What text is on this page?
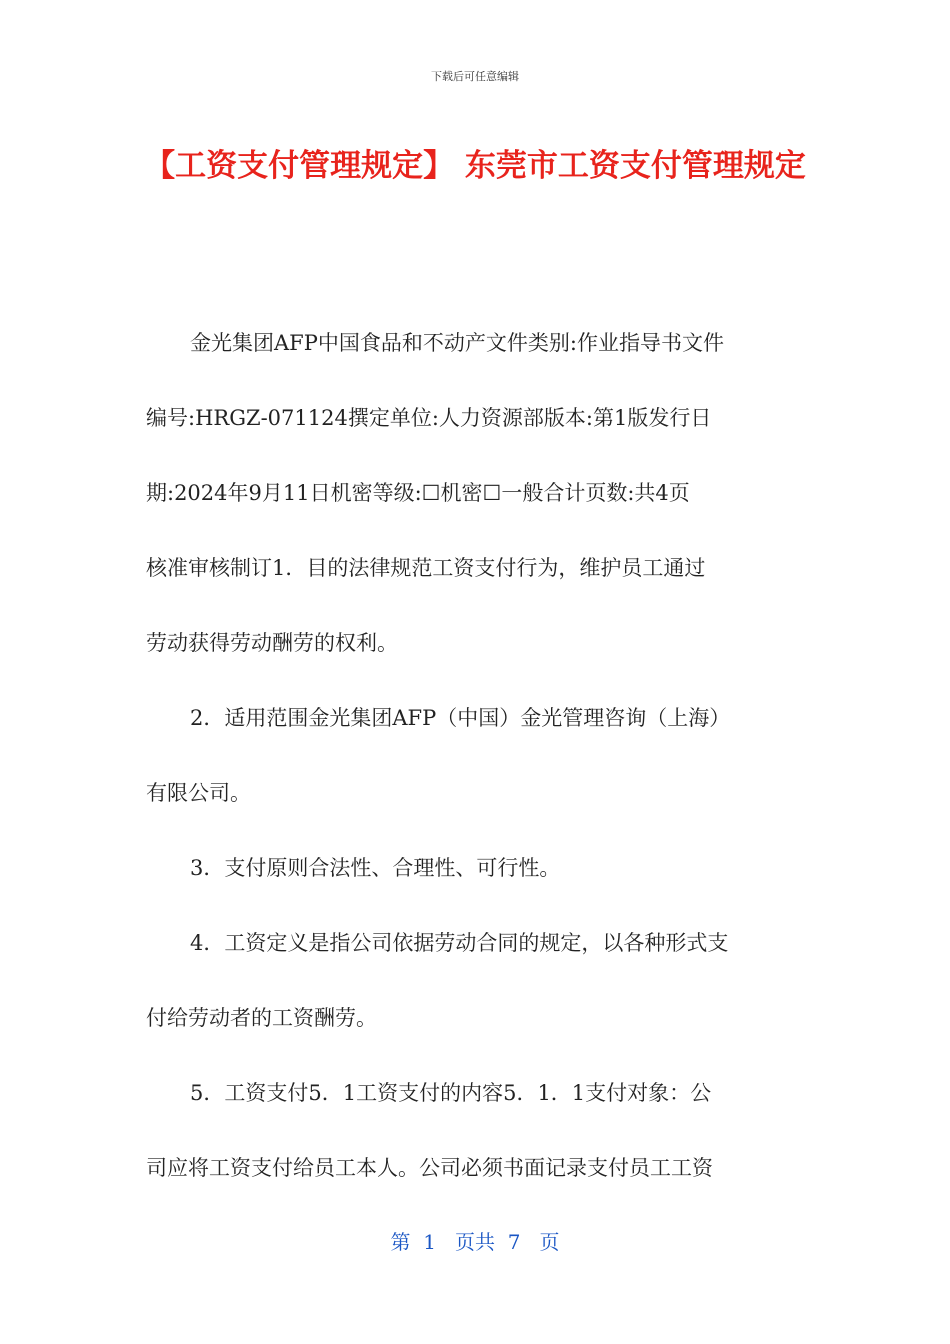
下载后可任意编辑
【工资支付管理规定】 东莞市工资支付管理规定
金光集团AFP中国食品和不动产文件类别:作业指导书文件
编号:HRGZ-071124撰定单位:人力资源部版本:第1版发行日
期:2024年9月11日机密等级:☐机密☐一般合计页数:共4页
核准审核制订1．目的法律规范工资支付行为，维护员工通过
劳动获得劳动酬劳的权利。
2．适用范围金光集团AFP（中国）金光管理咨询（上海）
有限公司。
3．支付原则合法性、合理性、可行性。
4．工资定义是指公司依据劳动合同的规定，以各种形式支
付给劳动者的工资酬劳。
5．工资支付5．1工资支付的内容5．1．1支付对象：公
司应将工资支付给员工本人。公司必须书面记录支付员工工资
第  1   页共  7   页
